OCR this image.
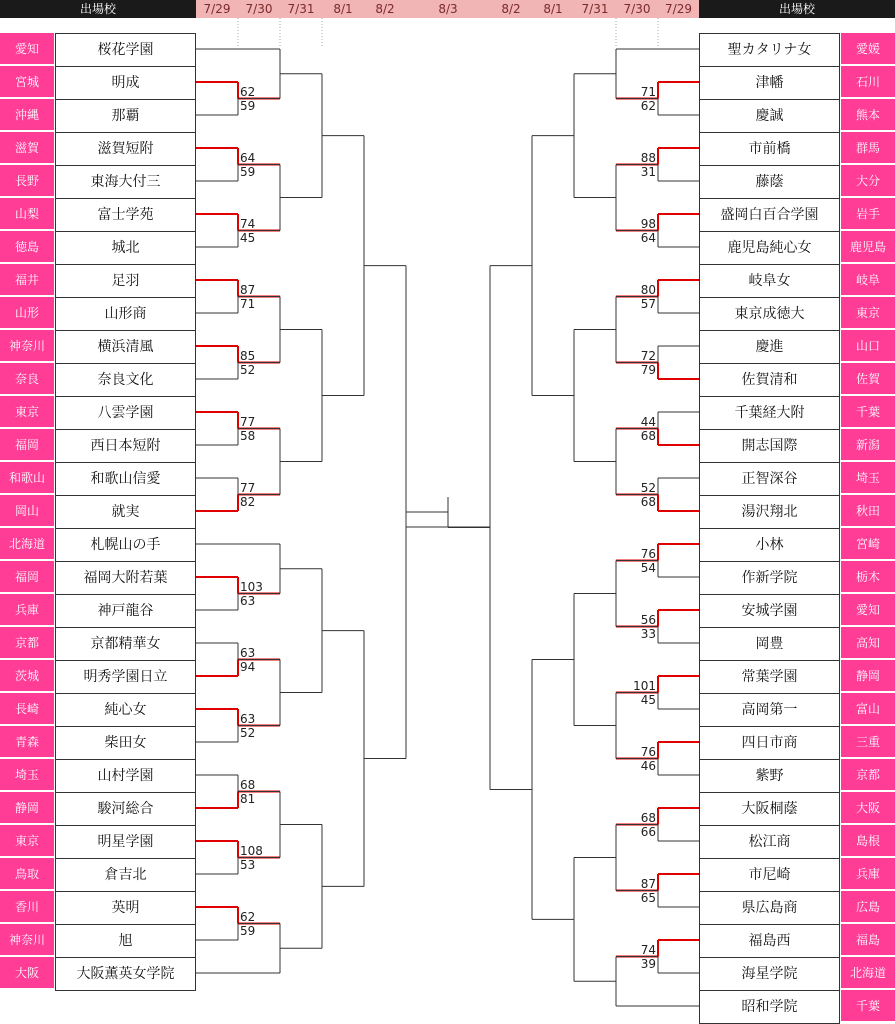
出場校	7/29	7/30	7/31	8/1	8/2	8/3	8/2	8/1	7/31	7/30	7/29	出場校
愛知	桜花学園
宮城	明成
沖縄	那覇
滋賀	滋賀短附
長野	東海大付三
山梨	富士学苑
徳島	城北
福井	足羽
山形	山形商
神奈川	横浜清風
奈良	奈良文化
東京	八雲学園
福岡	西日本短附
和歌山	和歌山信愛
岡山	就実
北海道	札幌山の手
福岡	福岡大附若葉
兵庫	神戸龍谷
京都	京都精華女
茨城	明秀学園日立
長崎	純心女
青森	柴田女
埼玉	山村学園
静岡	駿河総合
東京	明星学園
鳥取	倉吉北
香川	英明
神奈川	旭
大阪	大阪薫英女学院
聖カタリナ女	愛媛
津幡	石川
慶誠	熊本
市前橋	群馬
藤蔭	大分
盛岡白百合学園	岩手
鹿児島純心女	鹿児島
岐阜女	岐阜
東京成徳大	東京
慶進	山口
佐賀清和	佐賀
千葉経大附	千葉
開志国際	新潟
正智深谷	埼玉
湯沢翔北	秋田
小林	宮崎
作新学院	栃木
安城学園	愛知
岡豊	高知
常葉学園	静岡
高岡第一	富山
四日市商	三重
紫野	京都
大阪桐蔭	大阪
松江商	島根
市尼崎	兵庫
県広島商	広島
福島西	福島
海星学院	北海道
昭和学院	千葉
62
59
64
59
74
45
87
71
85
52
77
58
77
82
103
63
63
94
63
52
68
81
108
53
62
59
71
62
88
31
98
64
80
57
72
79
44
68
52
68
76
54
56
33
101
45
76
46
68
66
87
65
74
39
